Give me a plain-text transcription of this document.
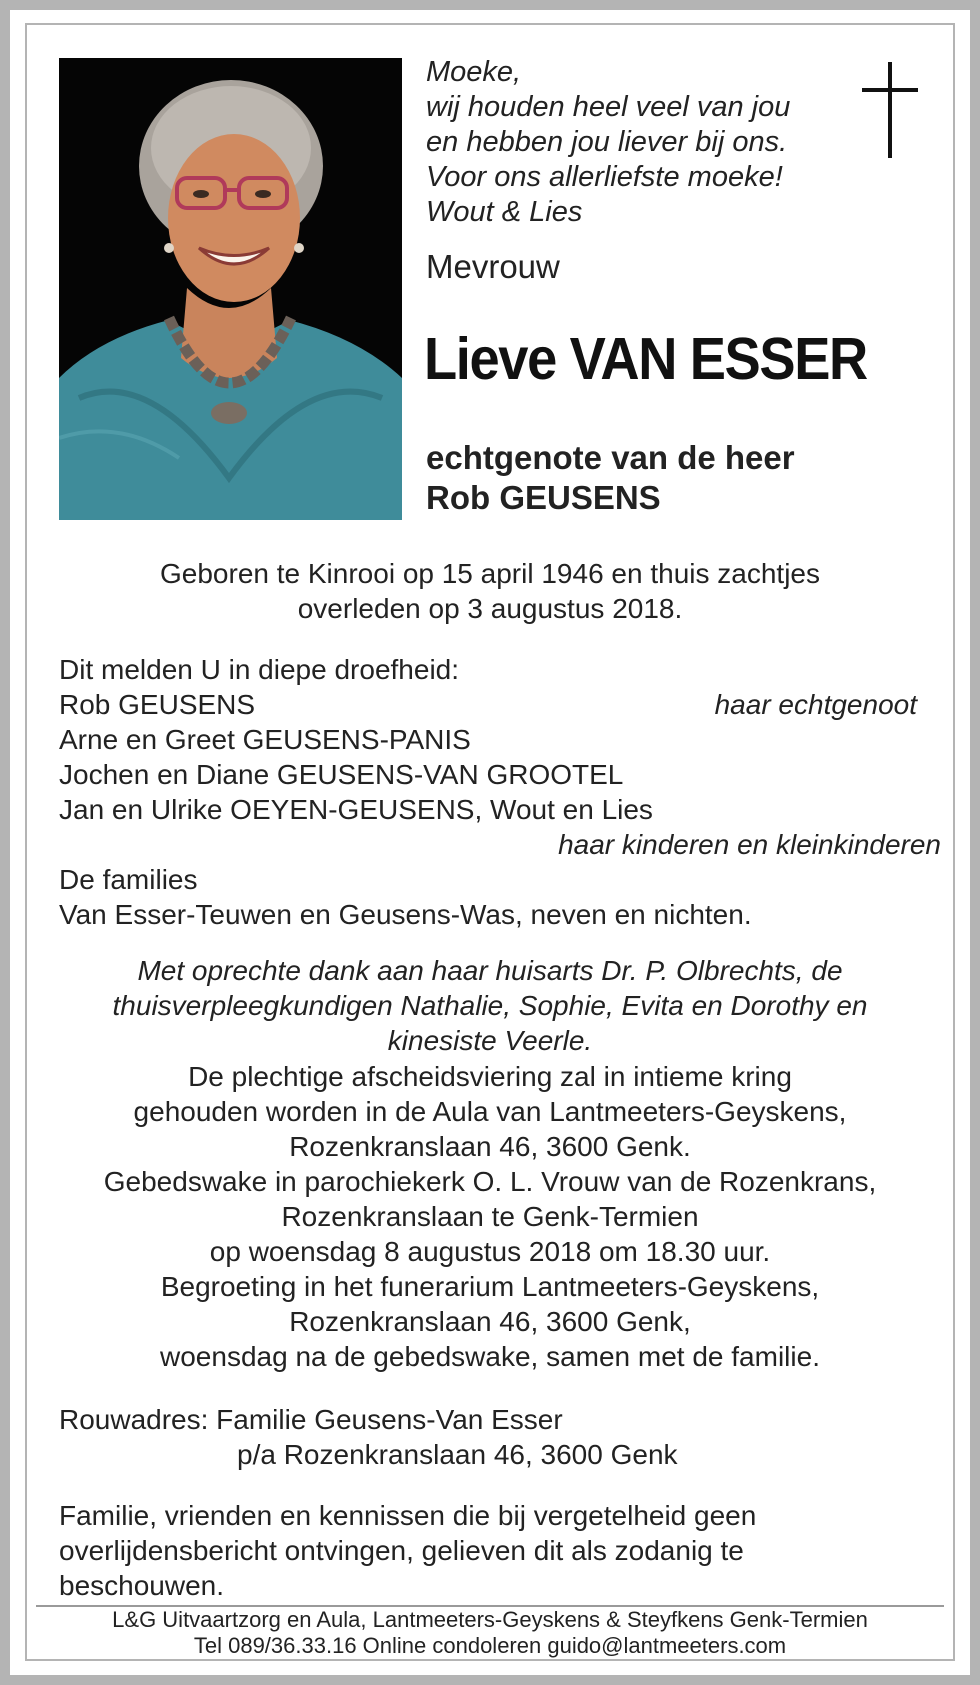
Moeke,
wij houden heel veel van jou
en hebben jou liever bij ons.
Voor ons allerliefste moeke!
Wout & Lies
Mevrouw
Lieve VAN ESSER
echtgenote van de heer
Rob GEUSENS
Geboren te Kinrooi op 15 april 1946 en thuis zachtjes
overleden op 3 augustus 2018.
Dit melden U in diepe droefheid:
Rob GEUSENS	haar echtgenoot
Arne en Greet GEUSENS-PANIS
Jochen en Diane GEUSENS-VAN GROOTEL
Jan en Ulrike OEYEN-GEUSENS, Wout en Lies
haar kinderen en kleinkinderen
De families
Van Esser-Teuwen en Geusens-Was, neven en nichten.
Met oprechte dank aan haar huisarts Dr. P. Olbrechts, de
thuisverpleegkundigen Nathalie, Sophie, Evita en Dorothy en
kinesiste Veerle.
De plechtige afscheidsviering zal in intieme kring
gehouden worden in de Aula van Lantmeeters-Geyskens,
Rozenkranslaan 46, 3600 Genk.
Gebedswake in parochiekerk O. L. Vrouw van de Rozenkrans,
Rozenkranslaan te Genk-Termien
op woensdag 8 augustus 2018 om 18.30 uur.
Begroeting in het funerarium Lantmeeters-Geyskens,
Rozenkranslaan 46, 3600 Genk,
woensdag na de gebedswake, samen met de familie.
Rouwadres: Familie Geusens-Van Esser
p/a Rozenkranslaan 46, 3600 Genk
Familie, vrienden en kennissen die bij vergetelheid geen
overlijdensbericht ontvingen, gelieven dit als zodanig te
beschouwen.
L&G Uitvaartzorg en Aula, Lantmeeters-Geyskens & Steyfkens Genk-Termien
Tel 089/36.33.16 Online condoleren guido@lantmeeters.com
